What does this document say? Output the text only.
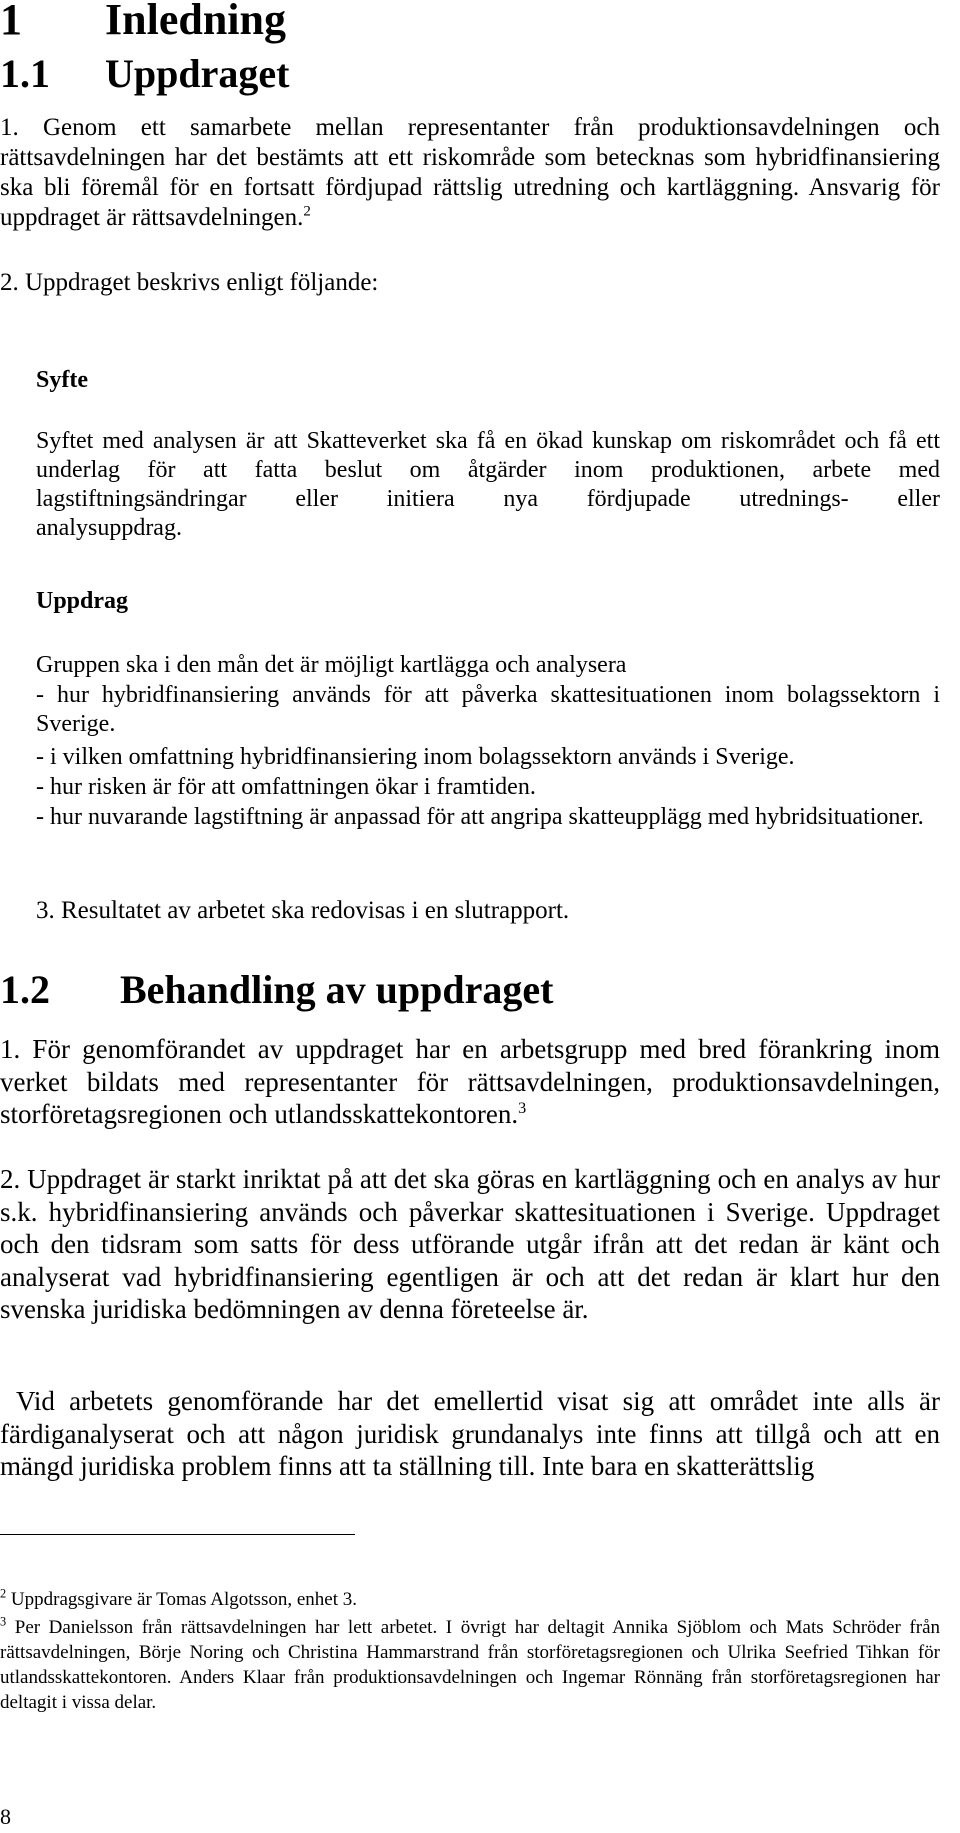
1 Inledning
1.1 Uppdraget

1. Genom ett samarbete mellan representanter från produktionsavdelningen och rättsavdelningen har det bestämts att ett riskområde som betecknas som hybridfinansiering ska bli föremål för en fortsatt fördjupad rättslig utredning och kartläggning. Ansvarig för uppdraget är rättsavdelningen.$^2$

2. Uppdraget beskrivs enligt följande:

Syfte

Syftet med analysen är att Skatteverket ska få en ökad kunskap om riskområdet och få ett underlag för att fatta beslut om åtgärder inom produktionen, arbete med lagstiftningsändringar eller initiera nya fördjupade utrednings- eller
analysuppdrag.

Uppdrag

Gruppen ska i den mån det är möjligt kartlägga och analysera

- hur hybridfinansiering används för att påverka skattesituationen inom bolagssektorn i Sverige.

- i vilken omfattning hybridfinansiering inom bolagssektorn används i Sverige.

- hur risken är för att omfattningen ökar i framtiden.

- hur nuvarande lagstiftning är anpassad för att angripa skatteupplägg med hybridsituationer.

3. Resultatet av arbetet ska redovisas i en slutrapport.

1.2 Behandling av uppdraget

1. För genomförandet av uppdraget har en arbetsgrupp med bred förankring inom verket bildats med representanter för rättsavdelningen, produktionsavdelningen, storföretagsregionen och utlandsskattekontoren.$^3$

2. Uppdraget är starkt inriktat på att det ska göras en kartläggning och en analys av hur s.k. hybridfinansiering används och påverkar skattesituationen i Sverige. Uppdraget och den tidsram som satts för dess utförande utgår ifrån att det redan är känt och analyserat vad hybridfinansiering egentligen är och att det redan är klart hur den svenska juridiska bedömningen av denna företeelse är.

Vid arbetets genomförande har det emellertid visat sig att området inte alls är färdiganalyserat och att någon juridisk grundanalys inte finns att tillgå och att en mängd juridiska problem finns att ta ställning till. Inte bara en skatterättslig

$^2$ Uppdragsgivare är Tomas Algotsson, enhet 3.

$^3$ Per Danielsson från rättsavdelningen har lett arbetet. I övrigt har deltagit Annika Sjöblom och Mats Schröder från rättsavdelningen, Börje Noring och Christina Hammarstrand från storföretagsregionen och Ulrika Seefried Tihkan för utlandsskattekontoren. Anders Klaar från produktionsavdelningen och Ingemar Rönnäng från storföretagsregionen har deltagit i vissa delar.

8
